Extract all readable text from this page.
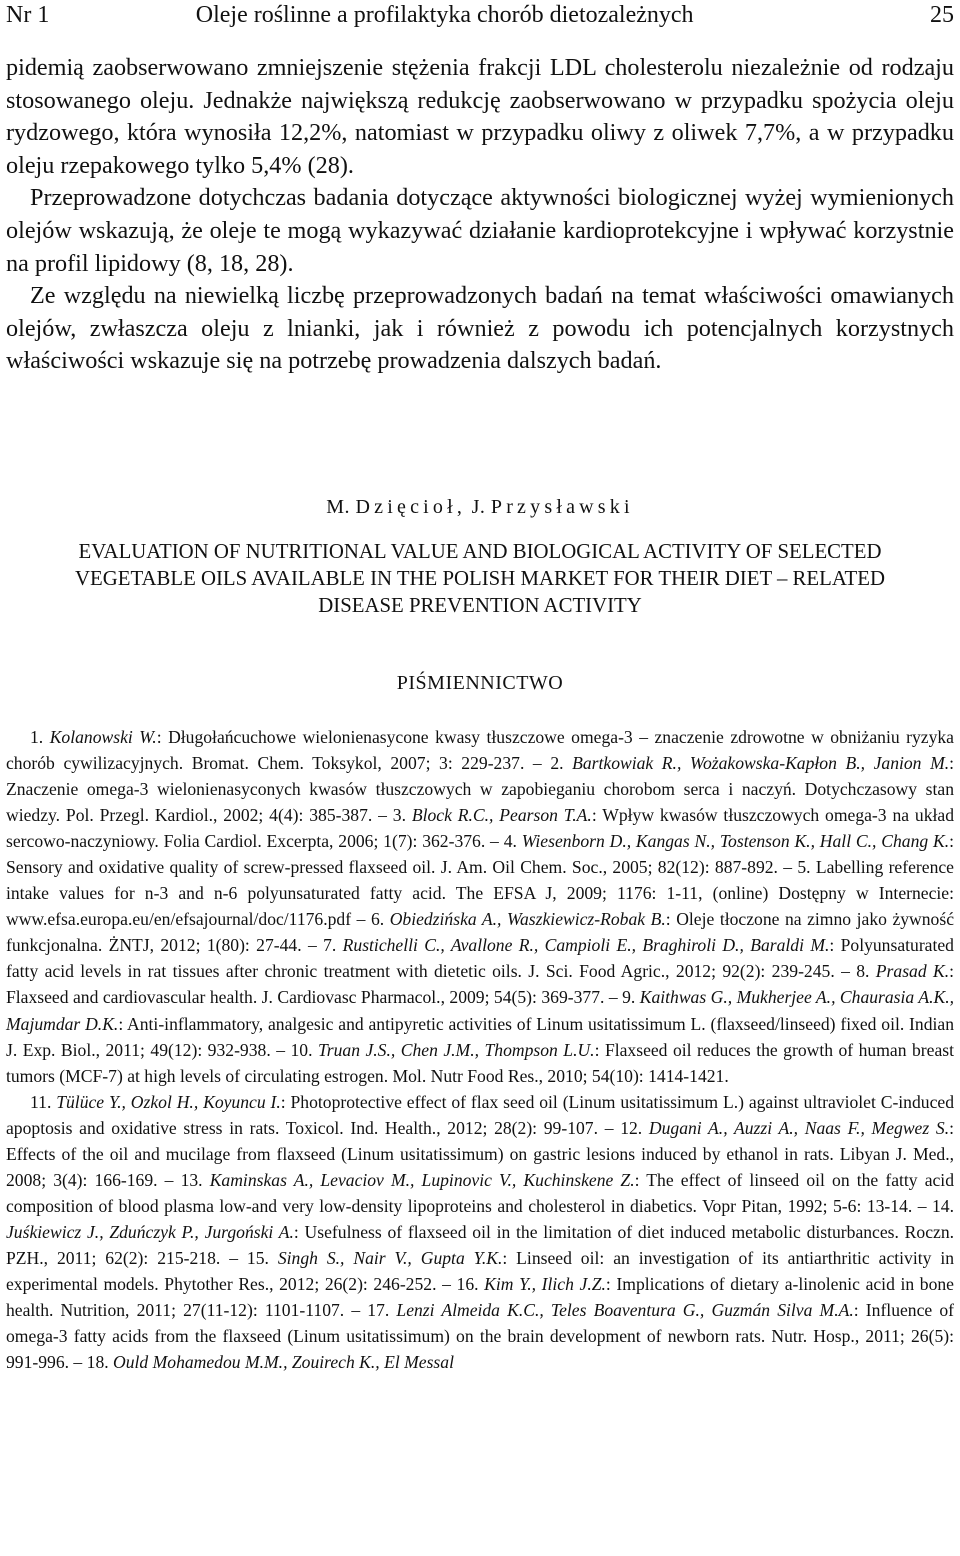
Nr 1	Oleje roślinne a profilaktyka chorób dietozależnych	25

pidemią zaobserwowano zmniejszenie stężenia frakcji LDL cholesterolu niezależnie od rodzaju stosowanego oleju. Jednakże największą redukcję zaobserwowano w przypadku spożycia oleju rydzowego, która wynosiła 12,2%, natomiast w przypadku oliwy z oliwek 7,7%, a w przypadku oleju rzepakowego tylko 5,4% (28).

Przeprowadzone dotychczas badania dotyczące aktywności biologicznej wyżej wymienionych olejów wskazują, że oleje te mogą wykazywać działanie kardioprotekcyjne i wpływać korzystnie na profil lipidowy (8, 18, 28).

Ze względu na niewielką liczbę przeprowadzonych badań na temat właściwości omawianych olejów, zwłaszcza oleju z lnianki, jak i również z powodu ich potencjalnych korzystnych właściwości wskazuje się na potrzebę prowadzenia dalszych badań.

M. Dzięcioł, J. Przysławski
EVALUATION OF NUTRITIONAL VALUE AND BIOLOGICAL ACTIVITY OF SELECTED VEGETABLE OILS AVAILABLE IN THE POLISH MARKET FOR THEIR DIET – RELATED DISEASE PREVENTION ACTIVITY
PIŚMIENNICTWO

1. Kolanowski W.: Długołańcuchowe wielonienasycone kwasy tłuszczowe omega-3 – znaczenie zdrowotne w obniżaniu ryzyka chorób cywilizacyjnych. Bromat. Chem. Toksykol, 2007; 3: 229-237. – 2. Bartkowiak R., Wożakowska-Kapłon B., Janion M.: Znaczenie omega-3 wielonienasyconych kwasów tłuszczowych w zapobieganiu chorobom serca i naczyń. Dotychczasowy stan wiedzy. Pol. Przegl. Kardiol., 2002; 4(4): 385-387. – 3. Block R.C., Pearson T.A.: Wpływ kwasów tłuszczowych omega-3 na układ sercowo-naczyniowy. Folia Cardiol. Excerpta, 2006; 1(7): 362-376. – 4. Wiesenborn D., Kangas N., Tostenson K., Hall C., Chang K.: Sensory and oxidative quality of screw-pressed flaxseed oil. J. Am. Oil Chem. Soc., 2005; 82(12): 887-892. – 5. Labelling reference intake values for n-3 and n-6 polyunsaturated fatty acid. The EFSA J, 2009; 1176: 1-11, (online) Dostępny w Internecie: www.efsa.europa.eu/en/efsajournal/doc/1176.pdf – 6. Obiedzińska A., Waszkiewicz-Robak B.: Oleje tłoczone na zimno jako żywność funkcjonalna. ŻNTJ, 2012; 1(80): 27-44. – 7. Rustichelli C., Avallone R., Campioli E., Braghiroli D., Baraldi M.: Polyunsaturated fatty acid levels in rat tissues after chronic treatment with dietetic oils. J. Sci. Food Agric., 2012; 92(2): 239-245. – 8. Prasad K.: Flaxseed and cardiovascular health. J. Cardiovasc Pharmacol., 2009; 54(5): 369-377. – 9. Kaithwas G., Mukherjee A., Chaurasia A.K., Majumdar D.K.: Anti-inflammatory, analgesic and antipyretic activities of Linum usitatissimum L. (flaxseed/linseed) fixed oil. Indian J. Exp. Biol., 2011; 49(12): 932-938. – 10. Truan J.S., Chen J.M., Thompson L.U.: Flaxseed oil reduces the growth of human breast tumors (MCF-7) at high levels of circulating estrogen. Mol. Nutr Food Res., 2010; 54(10): 1414-1421.

11. Tülüce Y., Ozkol H., Koyuncu I.: Photoprotective effect of flax seed oil (Linum usitatissimum L.) against ultraviolet C-induced apoptosis and oxidative stress in rats. Toxicol. Ind. Health., 2012; 28(2): 99-107. – 12. Dugani A., Auzzi A., Naas F., Megwez S.: Effects of the oil and mucilage from flaxseed (Linum usitatissimum) on gastric lesions induced by ethanol in rats. Libyan J. Med., 2008; 3(4): 166-169. – 13. Kaminskas A., Levaciov M., Lupinovic V., Kuchinskene Z.: The effect of linseed oil on the fatty acid composition of blood plasma low-and very low-density lipoproteins and cholesterol in diabetics. Vopr Pitan, 1992; 5-6: 13-14. – 14. Juśkiewicz J., Zduńczyk P., Jurgoński A.: Usefulness of flaxseed oil in the limitation of diet induced metabolic disturbances. Roczn. PZH., 2011; 62(2): 215-218. – 15. Singh S., Nair V., Gupta Y.K.: Linseed oil: an investigation of its antiarthritic activity in experimental models. Phytother Res., 2012; 26(2): 246-252. – 16. Kim Y., Ilich J.Z.: Implications of dietary a-linolenic acid in bone health. Nutrition, 2011; 27(11-12): 1101-1107. – 17. Lenzi Almeida K.C., Teles Boaventura G., Guzmán Silva M.A.: Influence of omega-3 fatty acids from the flaxseed (Linum usitatissimum) on the brain development of newborn rats. Nutr. Hosp., 2011; 26(5): 991-996. – 18. Ould Mohamedou M.M., Zouirech K., El Messal
